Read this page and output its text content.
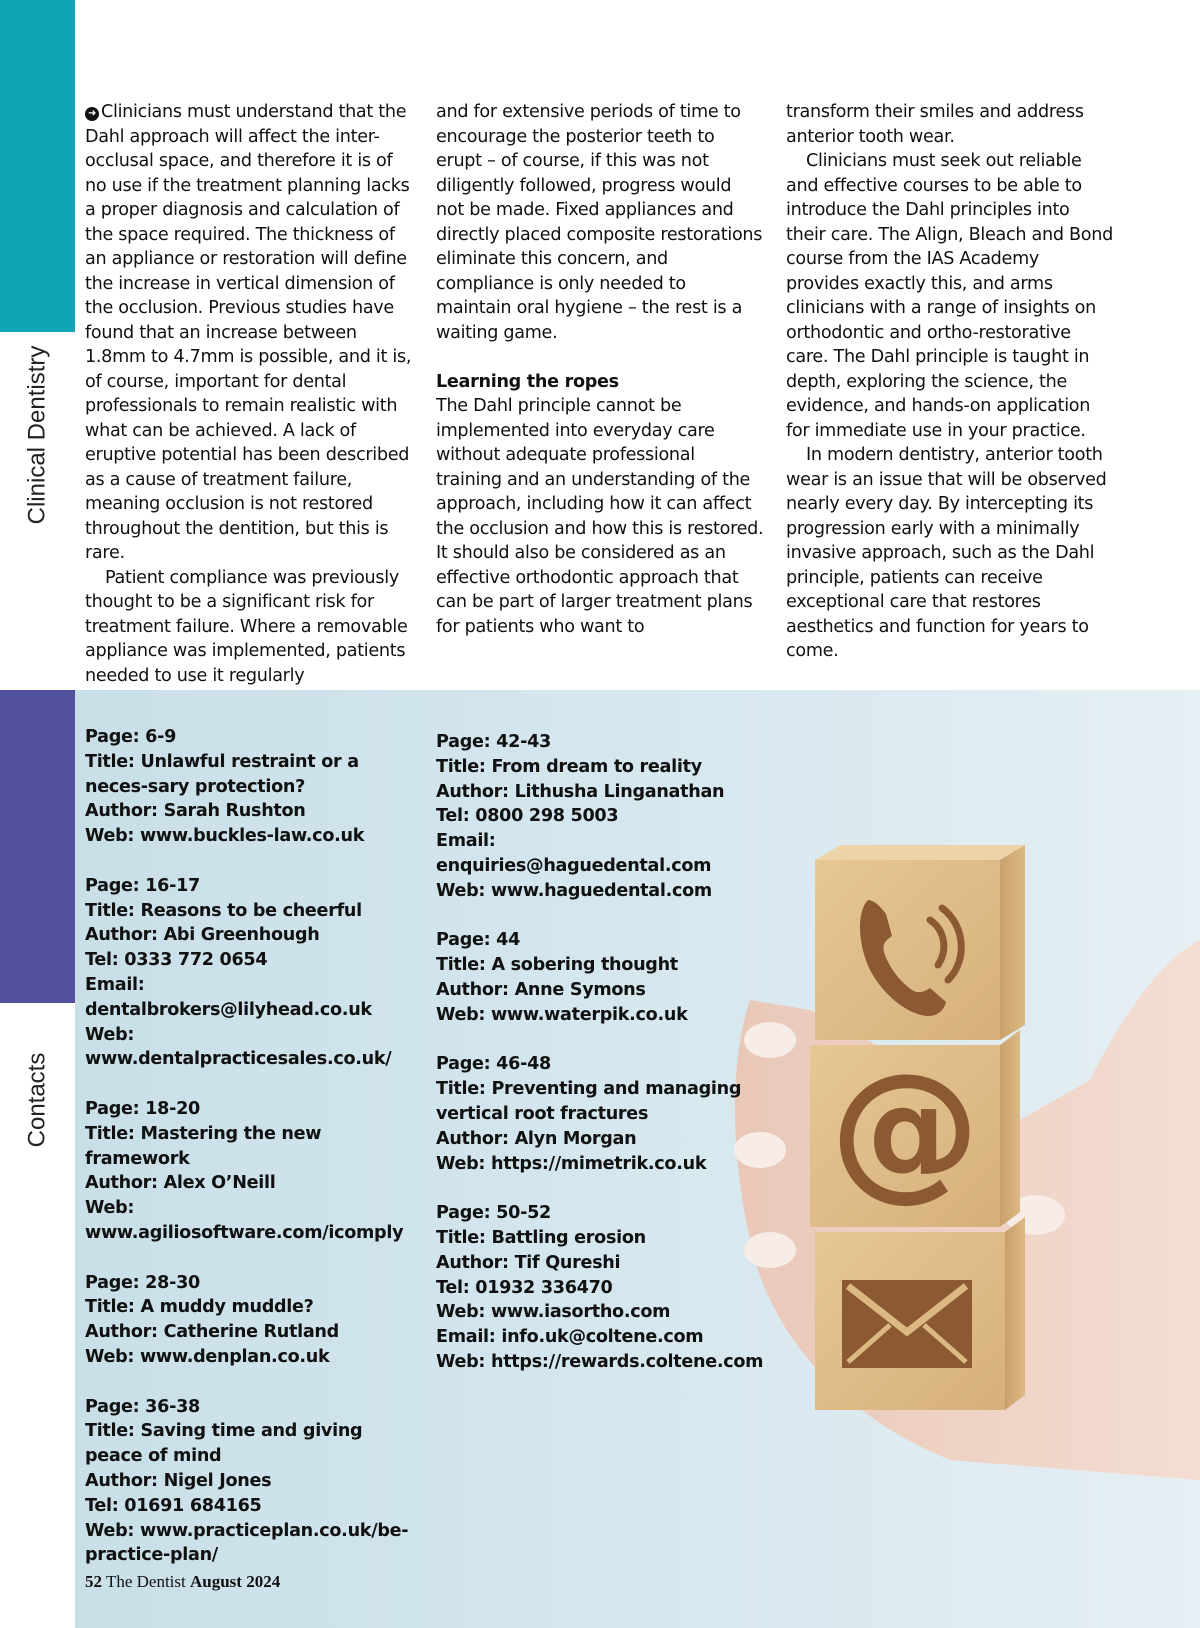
Clinical Dentistry

➜ Clinicians must understand that the Dahl approach will affect the inter-occlusal space, and therefore it is of no use if the treatment planning lacks a proper diagnosis and calculation of the space required. The thickness of an appliance or restoration will define the increase in vertical dimension of the occlusion. Previous studies have found that an increase between 1.8mm to 4.7mm is possible, and it is, of course, important for dental professionals to remain realistic with what can be achieved. A lack of eruptive potential has been described as a cause of treatment failure, meaning occlusion is not restored throughout the dentition, but this is rare.

Patient compliance was previously thought to be a significant risk for treatment failure. Where a removable appliance was implemented, patients needed to use it regularly

and for extensive periods of time to encourage the posterior teeth to erupt – of course, if this was not diligently followed, progress would not be made. Fixed appliances and directly placed composite restorations eliminate this concern, and compliance is only needed to maintain oral hygiene – the rest is a waiting game.

Learning the ropes

The Dahl principle cannot be implemented into everyday care without adequate professional training and an understanding of the approach, including how it can affect the occlusion and how this is restored. It should also be considered as an effective orthodontic approach that can be part of larger treatment plans for patients who want to

transform their smiles and address anterior tooth wear.

Clinicians must seek out reliable and effective courses to be able to introduce the Dahl principles into their care. The Align, Bleach and Bond course from the IAS Academy provides exactly this, and arms clinicians with a range of insights on orthodontic and ortho-restorative care. The Dahl principle is taught in depth, exploring the science, the evidence, and hands-on application for immediate use in your practice.

In modern dentistry, anterior tooth wear is an issue that will be observed nearly every day. By intercepting its progression early with a minimally invasive approach, such as the Dahl principle, patients can receive exceptional care that restores aesthetics and function for years to come.

Contacts	@
Page: 6-9
Title: Unlawful restraint or a neces-sary protection?
Author: Sarah Rushton
Web: www.buckles-law.co.uk
Page: 16-17
Title: Reasons to be cheerful
Author: Abi Greenhough
Tel: 0333 772 0654
Email: dentalbrokers@lilyhead.co.uk
Web: www.dentalpracticesales.co.uk/
Page: 18-20
Title: Mastering the new framework
Author: Alex O’Neill
Web: www.agiliosoftware.com/icomply
Page: 28-30
Title: A muddy muddle?
Author: Catherine Rutland
Web: www.denplan.co.uk
Page: 36-38
Title: Saving time and giving peace of mind
Author: Nigel Jones
Tel: 01691 684165
Web: www.practiceplan.co.uk/be-practice-plan/
Page: 42-43
Title: From dream to reality
Author: Lithusha Linganathan
Tel: 0800 298 5003
Email: enquiries@haguedental.com
Web: www.haguedental.com
Page: 44
Title: A sobering thought
Author: Anne Symons
Web: www.waterpik.co.uk
Page: 46-48
Title: Preventing and managing vertical root fractures
Author: Alyn Morgan
Web: https://mimetrik.co.uk
Page: 50-52
Title: Battling erosion
Author: Tif Qureshi
Tel: 01932 336470
Web: www.iasortho.com
Email: info.uk@coltene.com
Web: https://rewards.coltene.com
52 The Dentist August 2024
